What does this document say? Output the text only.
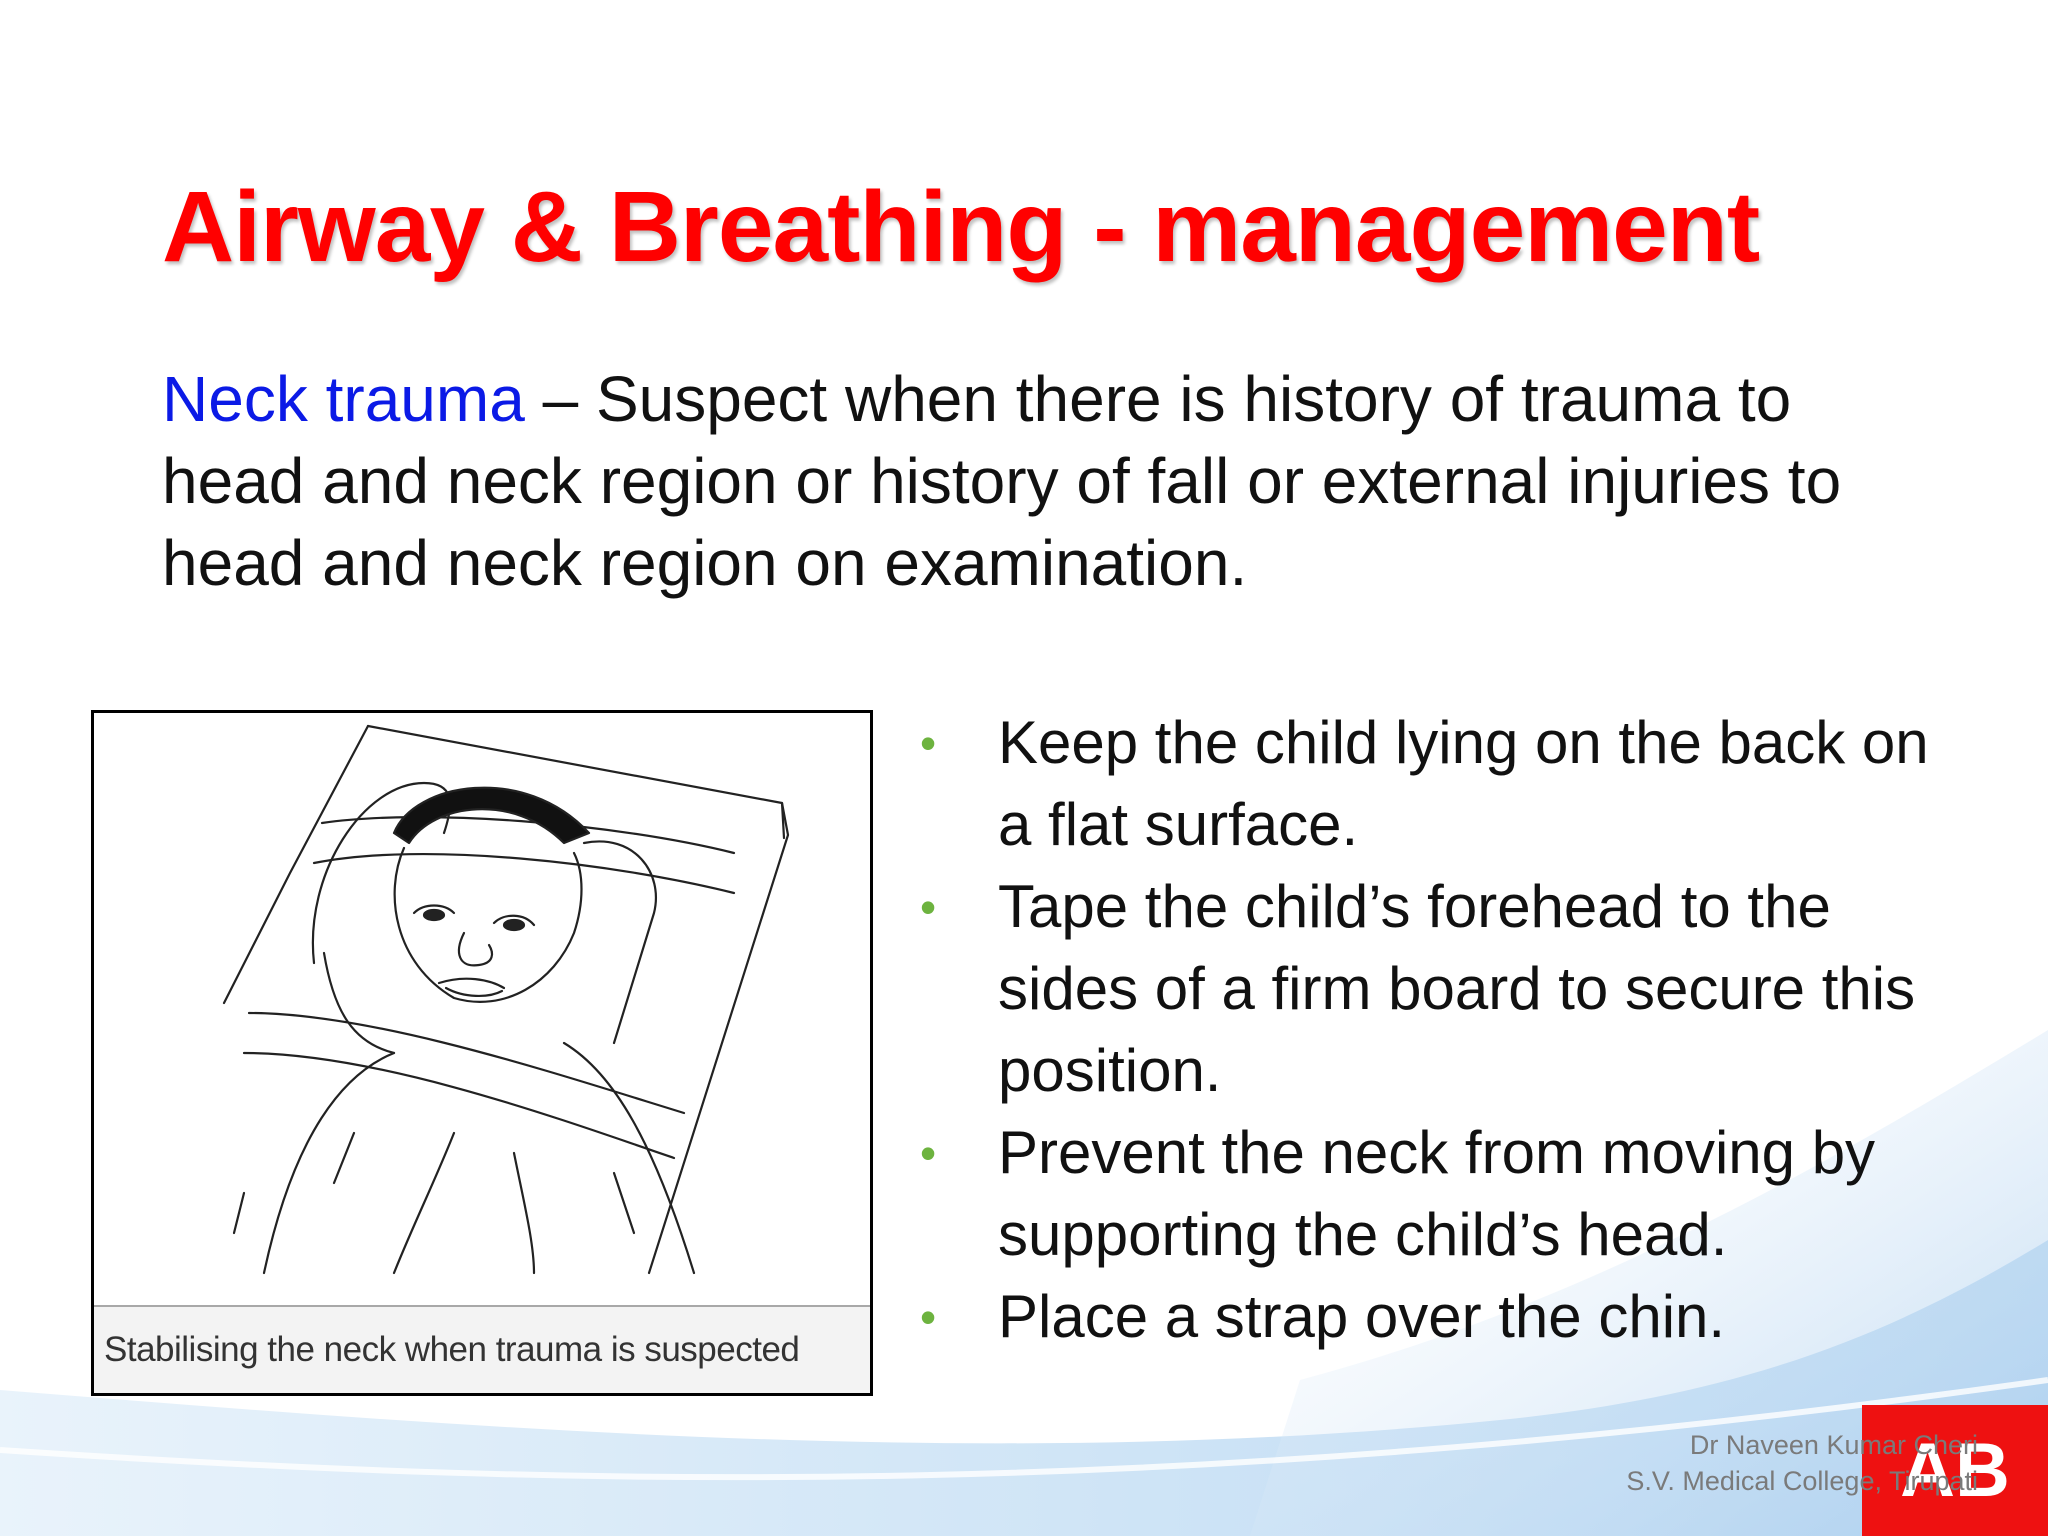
Airway & Breathing - management
Neck trauma – Suspect when there is history of trauma to head and neck region or history of fall or external injuries to head and neck region on examination.
Stabilising the neck when trauma is suspected
• Keep the child lying on the back on a flat surface.
• Tape the child’s forehead to the sides of a firm board to secure this position.
• Prevent the neck from moving by supporting the child’s head.
• Place a strap over the chin.
AB
Dr Naveen Kumar Cheri
S.V. Medical College, Tirupati
